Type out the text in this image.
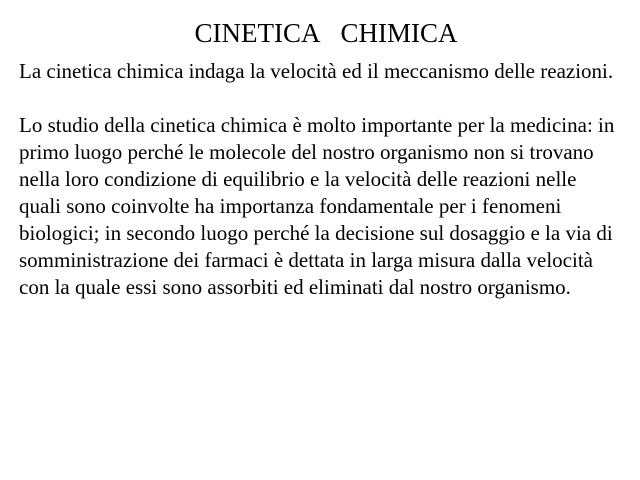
CINETICA  CHIMICA

La cinetica chimica indaga la velocità ed il meccanismo delle reazioni.

Lo studio della cinetica chimica è molto importante per la medicina: in primo luogo perché le molecole del nostro organismo non si trovano nella loro condizione di equilibrio e la velocità delle reazioni nelle quali sono coinvolte ha importanza fondamentale per i fenomeni biologici; in secondo luogo perché la decisione sul dosaggio e la via di somministrazione dei farmaci è dettata in larga misura dalla velocità con la quale essi sono assorbiti ed eliminati dal nostro organismo.
